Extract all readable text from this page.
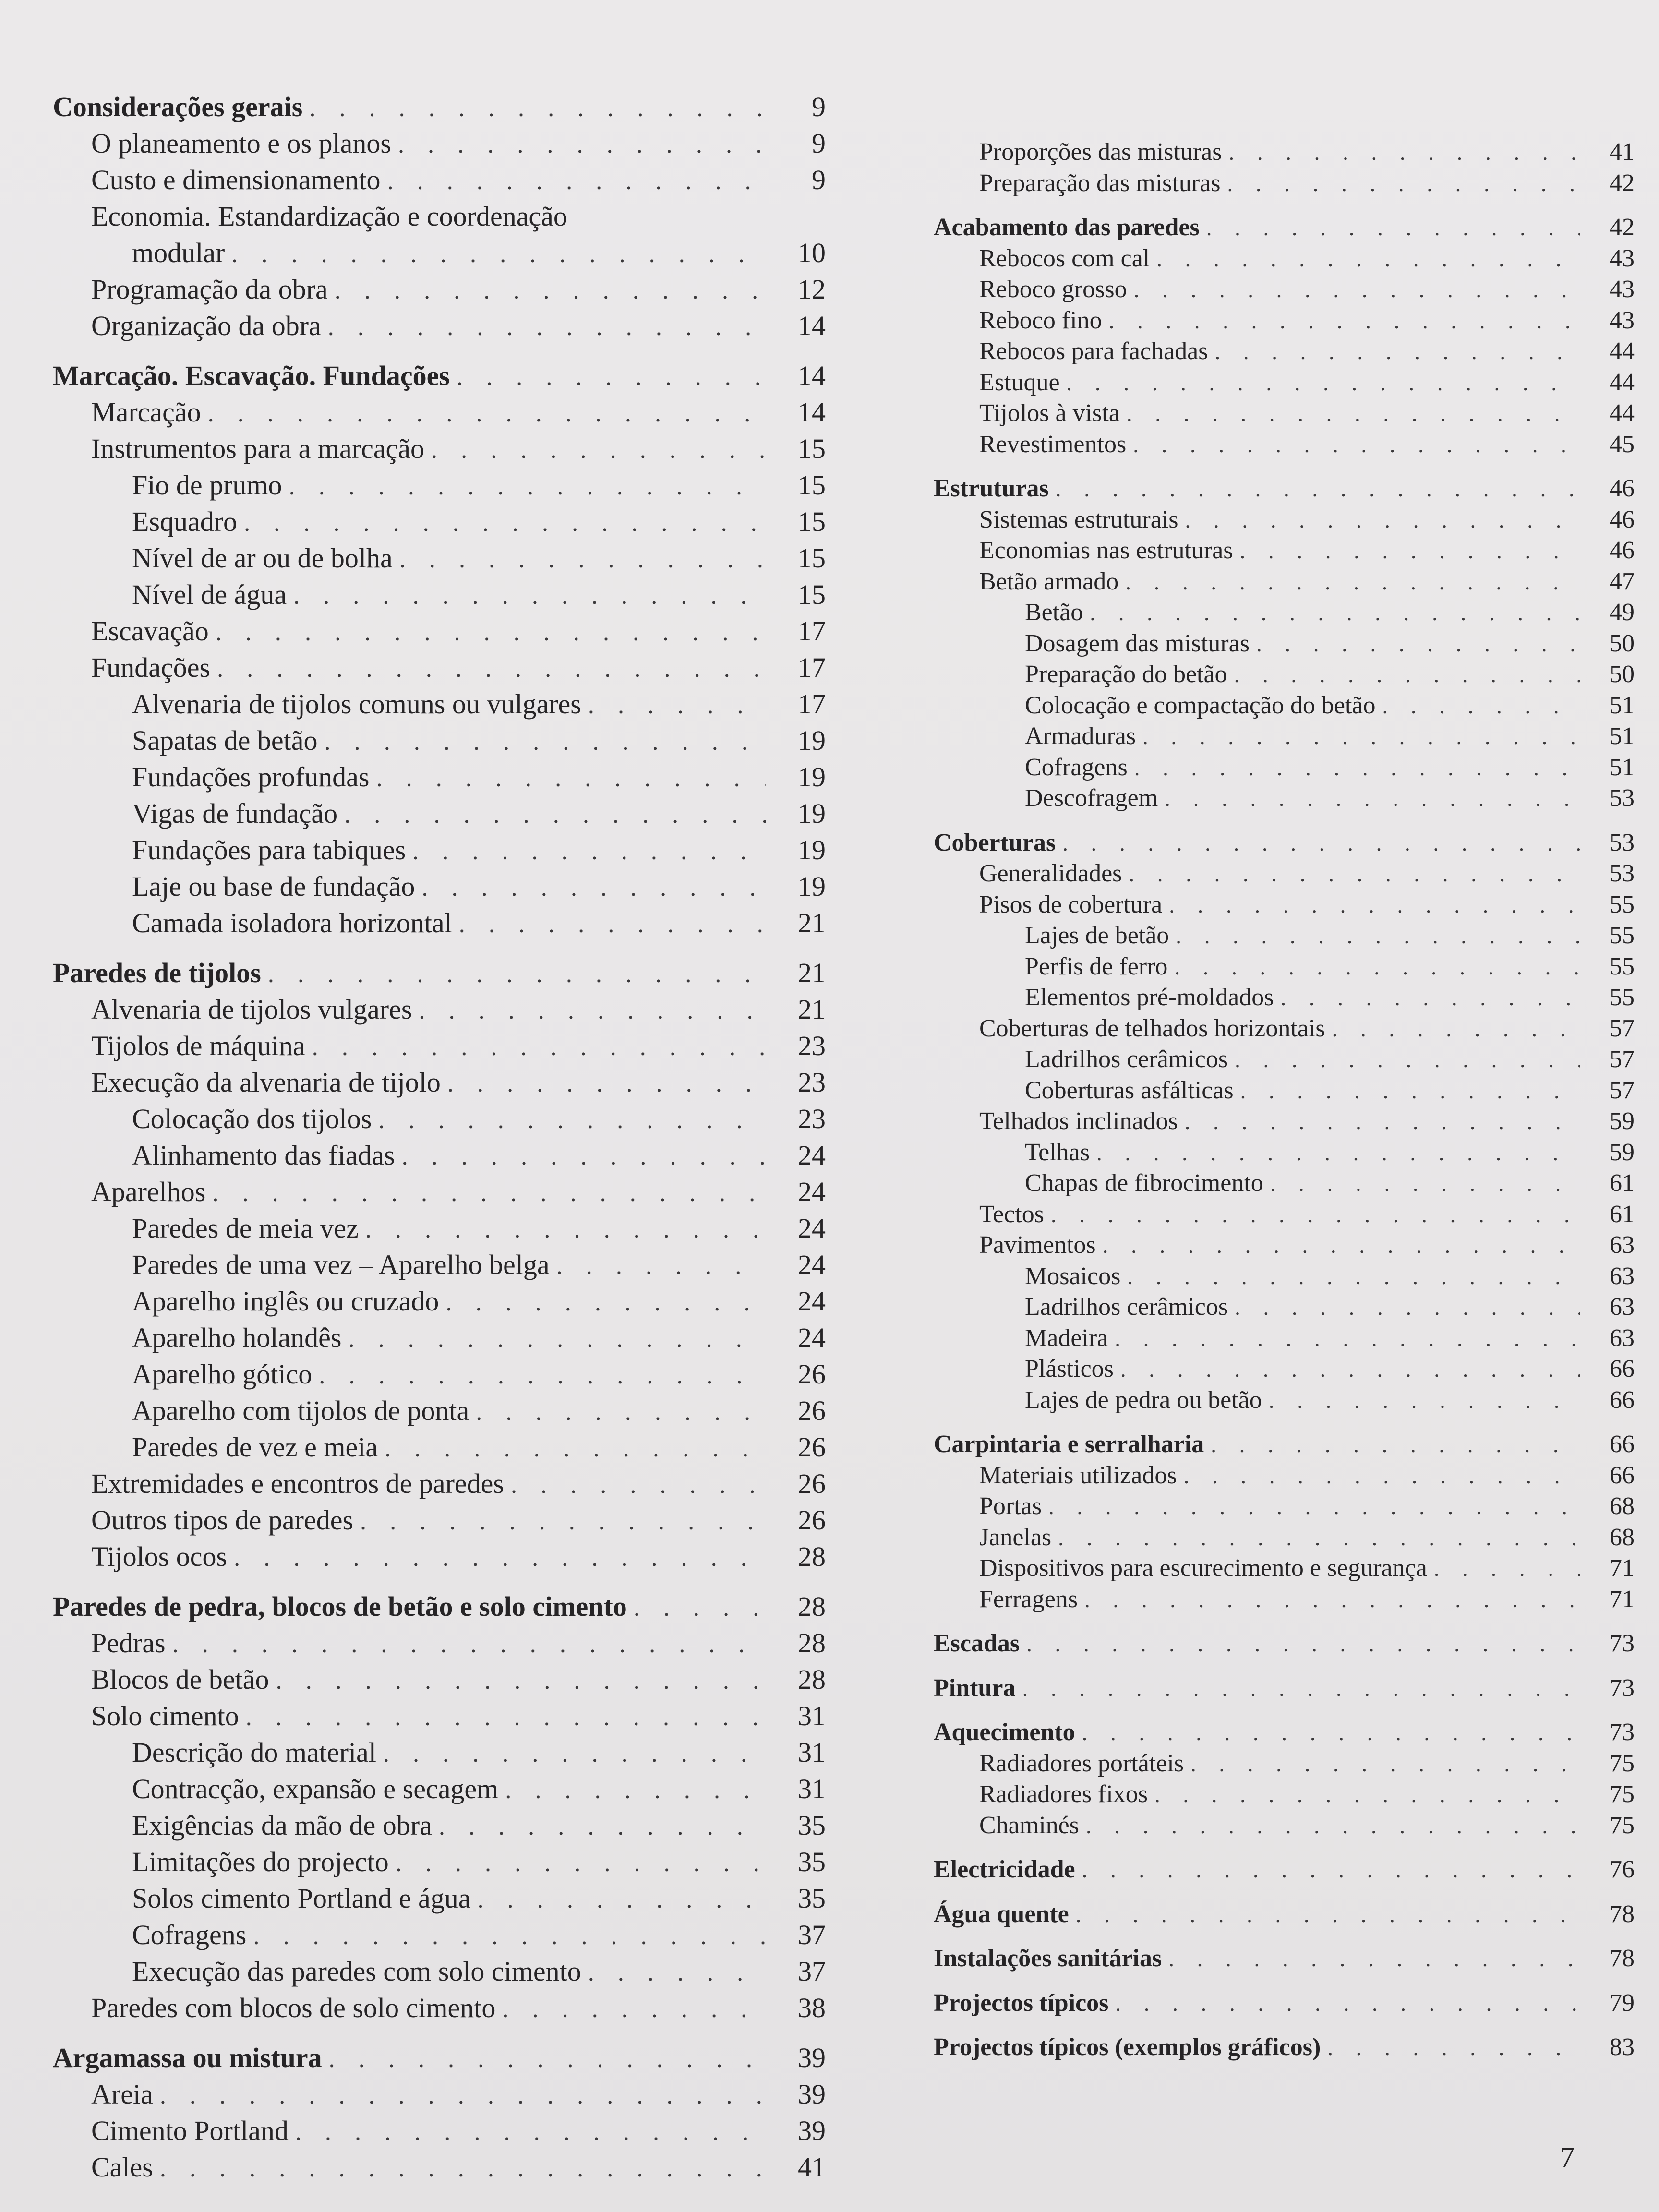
Considerações gerais . . .	9
O planeamento e os planos . . .	9
Custo e dimensionamento . . .	9
Economia. Estandardização e coordenação
modular . . .	10
Programação da obra . . .	12
Organização da obra . . .	14
Marcação. Escavação. Fundações . . .	14
Marcação . . .	14
Instrumentos para a marcação . . .	15
Fio de prumo . . .	15
Esquadro . . .	15
Nível de ar ou de bolha . . .	15
Nível de água . . .	15
Escavação . . .	17
Fundações . . .	17
Alvenaria de tijolos comuns ou vulgares . . .	17
Sapatas de betão . . .	19
Fundações profundas . . .	19
Vigas de fundação . . .	19
Fundações para tabiques . . .	19
Laje ou base de fundação . . .	19
Camada isoladora horizontal . . .	21
Paredes de tijolos . . .	21
Alvenaria de tijolos vulgares . . .	21
Tijolos de máquina . . .	23
Execução da alvenaria de tijolo . . .	23
Colocação dos tijolos . . .	23
Alinhamento das fiadas . . .	24
Aparelhos . . .	24
Paredes de meia vez . . .	24
Paredes de uma vez – Aparelho belga . . .	24
Aparelho inglês ou cruzado . . .	24
Aparelho holandês . . .	24
Aparelho gótico . . .	26
Aparelho com tijolos de ponta . . .	26
Paredes de vez e meia . . .	26
Extremidades e encontros de paredes . . .	26
Outros tipos de paredes . . .	26
Tijolos ocos . . .	28
Paredes de pedra, blocos de betão e solo cimento . . .	28
Pedras . . .	28
Blocos de betão . . .	28
Solo cimento . . .	31
Descrição do material . . .	31
Contracção, expansão e secagem . . .	31
Exigências da mão de obra . . .	35
Limitações do projecto . . .	35
Solos cimento Portland e água . . .	35
Cofragens . . .	37
Execução das paredes com solo cimento . . .	37
Paredes com blocos de solo cimento . . .	38
Argamassa ou mistura . . .	39
Areia . . .	39
Cimento Portland . . .	39
Cales . . .	41
Proporções das misturas . . .	41
Preparação das misturas . . .	42
Acabamento das paredes . . .	42
Rebocos com cal . . .	43
Reboco grosso . . .	43
Reboco fino . . .	43
Rebocos para fachadas . . .	44
Estuque . . .	44
Tijolos à vista . . .	44
Revestimentos . . .	45
Estruturas . . .	46
Sistemas estruturais . . .	46
Economias nas estruturas . . .	46
Betão armado . . .	47
Betão . . .	49
Dosagem das misturas . . .	50
Preparação do betão . . .	50
Colocação e compactação do betão . . .	51
Armaduras . . .	51
Cofragens . . .	51
Descofragem . . .	53
Coberturas . . .	53
Generalidades . . .	53
Pisos de cobertura . . .	55
Lajes de betão . . .	55
Perfis de ferro . . .	55
Elementos pré-moldados . . .	55
Coberturas de telhados horizontais . . .	57
Ladrilhos cerâmicos . . .	57
Coberturas asfálticas . . .	57
Telhados inclinados . . .	59
Telhas . . .	59
Chapas de fibrocimento . . .	61
Tectos . . .	61
Pavimentos . . .	63
Mosaicos . . .	63
Ladrilhos cerâmicos . . .	63
Madeira . . .	63
Plásticos . . .	66
Lajes de pedra ou betão . . .	66
Carpintaria e serralharia . . .	66
Materiais utilizados . . .	66
Portas . . .	68
Janelas . . .	68
Dispositivos para escurecimento e segurança . . .	71
Ferragens . . .	71
Escadas . . .	73
Pintura . . .	73
Aquecimento . . .	73
Radiadores portáteis . . .	75
Radiadores fixos . . .	75
Chaminés . . .	75
Electricidade . . .	76
Água quente . . .	78
Instalações sanitárias . . .	78
Projectos típicos . . .	79
Projectos típicos (exemplos gráficos) . . .	83
7
